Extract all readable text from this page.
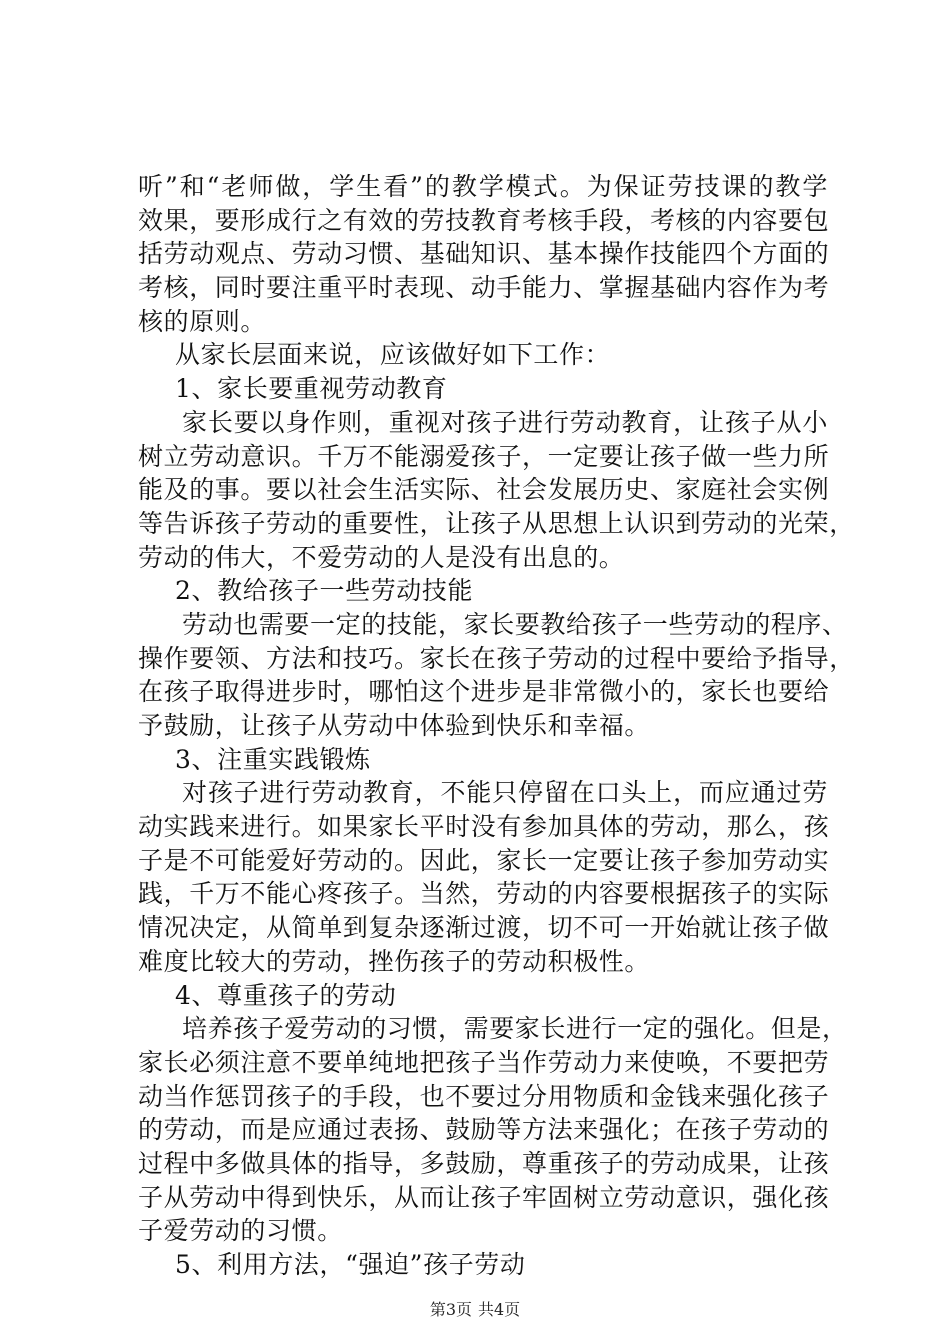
听”和“老师做，学生看”的教学模式。为保证劳技课的教学
效果，要形成行之有效的劳技教育考核手段，考核的内容要包
括劳动观点、劳动习惯、基础知识、基本操作技能四个方面的
考核，同时要注重平时表现、动手能力、掌握基础内容作为考
核的原则。
从家长层面来说，应该做好如下工作：
1、家长要重视劳动教育
家长要以身作则，重视对孩子进行劳动教育，让孩子从小
树立劳动意识。千万不能溺爱孩子，一定要让孩子做一些力所
能及的事。要以社会生活实际、社会发展历史、家庭社会实例
等告诉孩子劳动的重要性，让孩子从思想上认识到劳动的光荣，
劳动的伟大，不爱劳动的人是没有出息的。
2、教给孩子一些劳动技能
劳动也需要一定的技能，家长要教给孩子一些劳动的程序、
操作要领、方法和技巧。家长在孩子劳动的过程中要给予指导，
在孩子取得进步时，哪怕这个进步是非常微小的，家长也要给
予鼓励，让孩子从劳动中体验到快乐和幸福。
3、注重实践锻炼
对孩子进行劳动教育，不能只停留在口头上，而应通过劳
动实践来进行。如果家长平时没有参加具体的劳动，那么，孩
子是不可能爱好劳动的。因此，家长一定要让孩子参加劳动实
践，千万不能心疼孩子。当然，劳动的内容要根据孩子的实际
情况决定，从简单到复杂逐渐过渡，切不可一开始就让孩子做
难度比较大的劳动，挫伤孩子的劳动积极性。
4、尊重孩子的劳动
培养孩子爱劳动的习惯，需要家长进行一定的强化。但是，
家长必须注意不要单纯地把孩子当作劳动力来使唤，不要把劳
动当作惩罚孩子的手段，也不要过分用物质和金钱来强化孩子
的劳动，而是应通过表扬、鼓励等方法来强化；在孩子劳动的
过程中多做具体的指导，多鼓励，尊重孩子的劳动成果，让孩
子从劳动中得到快乐，从而让孩子牢固树立劳动意识，强化孩
子爱劳动的习惯。
5、利用方法，“强迫”孩子劳动
第3页 共4页
